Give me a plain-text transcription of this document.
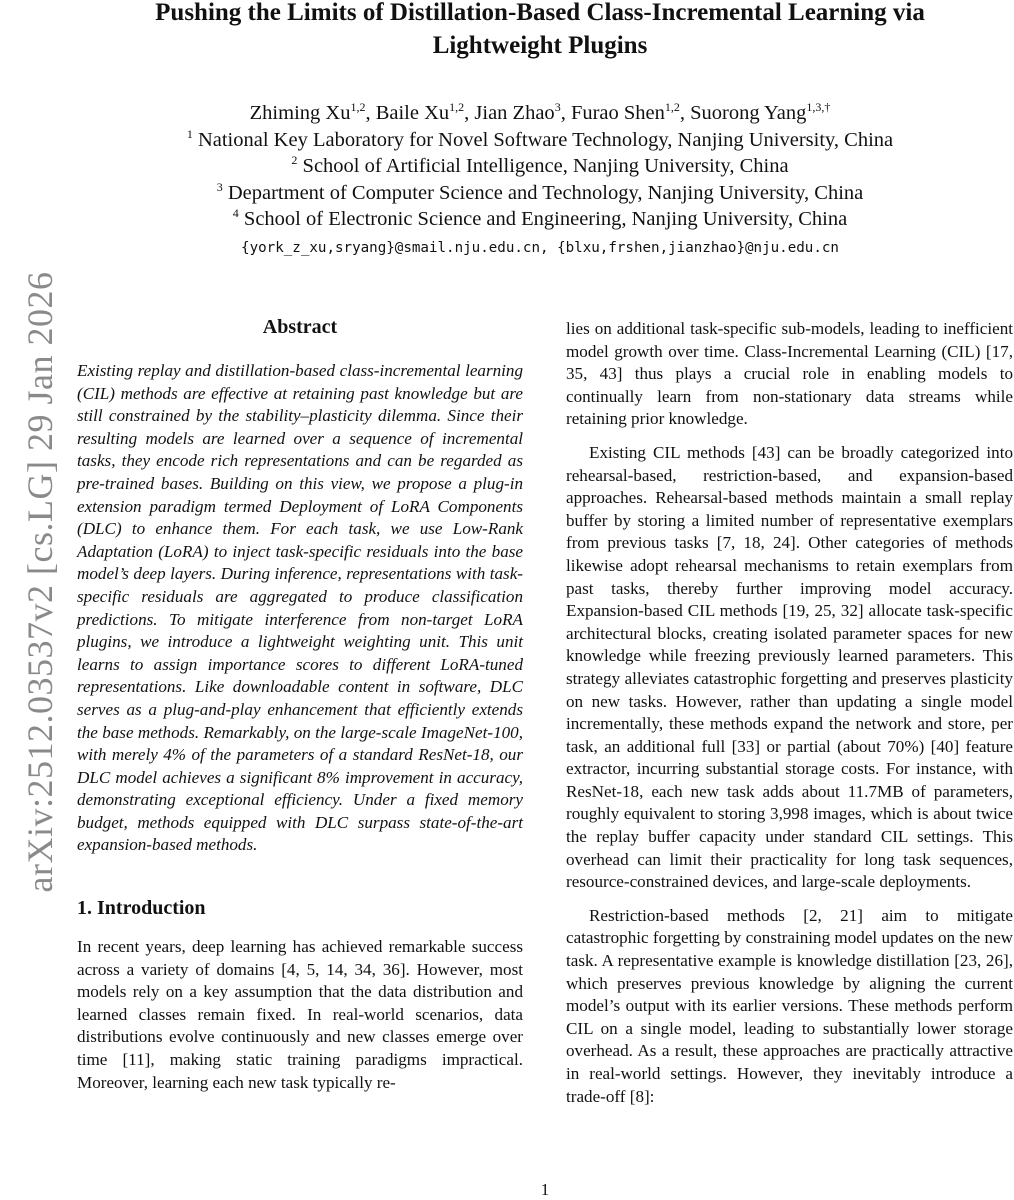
arXiv:2512.03537v2 [cs.LG] 29 Jan 2026
Pushing the Limits of Distillation-Based Class-Incremental Learning via
Lightweight Plugins
Zhiming Xu$^{1,2}$, Baile Xu$^{1,2}$, Jian Zhao$^3$, Furao Shen$^{1,2}$, Suorong Yang$^{1,3,\dagger}$
$^1$ National Key Laboratory for Novel Software Technology, Nanjing University, China
$^2$ School of Artificial Intelligence, Nanjing University, China
$^3$ Department of Computer Science and Technology, Nanjing University, China
$^4$ School of Electronic Science and Engineering, Nanjing University, China
{york_z_xu,sryang}@smail.nju.edu.cn, {blxu,frshen,jianzhao}@nju.edu.cn
Abstract

Existing replay and distillation-based class-incremental learning (CIL) methods are effective at retaining past knowledge but are still constrained by the stability–plasticity dilemma. Since their resulting models are learned over a sequence of incremental tasks, they encode rich representations and can be regarded as pre-trained bases. Building on this view, we propose a plug-in extension paradigm termed Deployment of LoRA Components (DLC) to enhance them. For each task, we use Low-Rank Adaptation (LoRA) to inject task-specific residuals into the base model’s deep layers. During inference, representations with task-specific residuals are aggregated to produce classification predictions. To mitigate interference from non-target LoRA plugins, we introduce a lightweight weighting unit. This unit learns to assign importance scores to different LoRA-tuned representations. Like downloadable content in software, DLC serves as a plug-and-play enhancement that efficiently extends the base methods. Remarkably, on the large-scale ImageNet-100, with merely 4% of the parameters of a standard ResNet-18, our DLC model achieves a significant 8% improvement in accuracy, demonstrating exceptional efficiency. Under a fixed memory budget, methods equipped with DLC surpass state-of-the-art expansion-based methods.

1. Introduction

In recent years, deep learning has achieved remarkable success across a variety of domains [4, 5, 14, 34, 36]. However, most models rely on a key assumption that the data distribution and learned classes remain fixed. In real-world scenarios, data distributions evolve continuously and new classes emerge over time [11], making static training paradigms impractical. Moreover, learning each new task typically re-

lies on additional task-specific sub-models, leading to inefficient model growth over time. Class-Incremental Learning (CIL) [17, 35, 43] thus plays a crucial role in enabling models to continually learn from non-stationary data streams while retaining prior knowledge.

Existing CIL methods [43] can be broadly categorized into rehearsal-based, restriction-based, and expansion-based approaches. Rehearsal-based methods maintain a small replay buffer by storing a limited number of representative exemplars from previous tasks [7, 18, 24]. Other categories of methods likewise adopt rehearsal mechanisms to retain exemplars from past tasks, thereby further improving model accuracy. Expansion-based CIL methods [19, 25, 32] allocate task-specific architectural blocks, creating isolated parameter spaces for new knowledge while freezing previously learned parameters. This strategy alleviates catastrophic forgetting and preserves plasticity on new tasks. However, rather than updating a single model incrementally, these methods expand the network and store, per task, an additional full [33] or partial (about 70%) [40] feature extractor, incurring substantial storage costs. For instance, with ResNet-18, each new task adds about 11.7MB of parameters, roughly equivalent to storing 3,998 images, which is about twice the replay buffer capacity under standard CIL settings. This overhead can limit their practicality for long task sequences, resource-constrained devices, and large-scale deployments.

Restriction-based methods [2, 21] aim to mitigate catastrophic forgetting by constraining model updates on the new task. A representative example is knowledge distillation [23, 26], which preserves previous knowledge by aligning the current model’s output with its earlier versions. These methods perform CIL on a single model, leading to substantially lower storage overhead. As a result, these approaches are practically attractive in real-world settings. However, they inevitably introduce a trade-off [8]:

1
